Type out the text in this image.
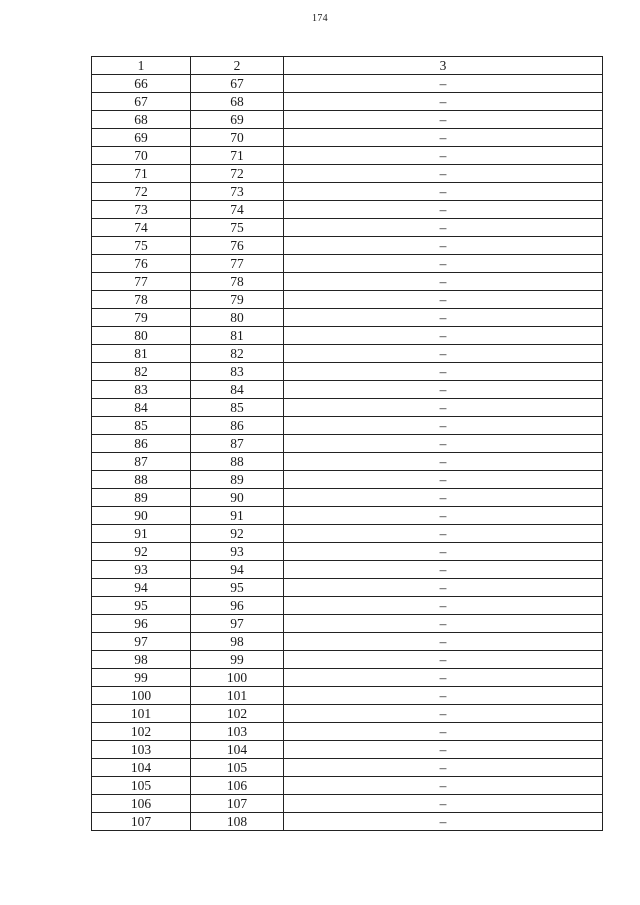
174
1	2	3
66	67	–
67	68	–
68	69	–
69	70	–
70	71	–
71	72	–
72	73	–
73	74	–
74	75	–
75	76	–
76	77	–
77	78	–
78	79	–
79	80	–
80	81	–
81	82	–
82	83	–
83	84	–
84	85	–
85	86	–
86	87	–
87	88	–
88	89	–
89	90	–
90	91	–
91	92	–
92	93	–
93	94	–
94	95	–
95	96	–
96	97	–
97	98	–
98	99	–
99	100	–
100	101	–
101	102	–
102	103	–
103	104	–
104	105	–
105	106	–
106	107	–
107	108	–
